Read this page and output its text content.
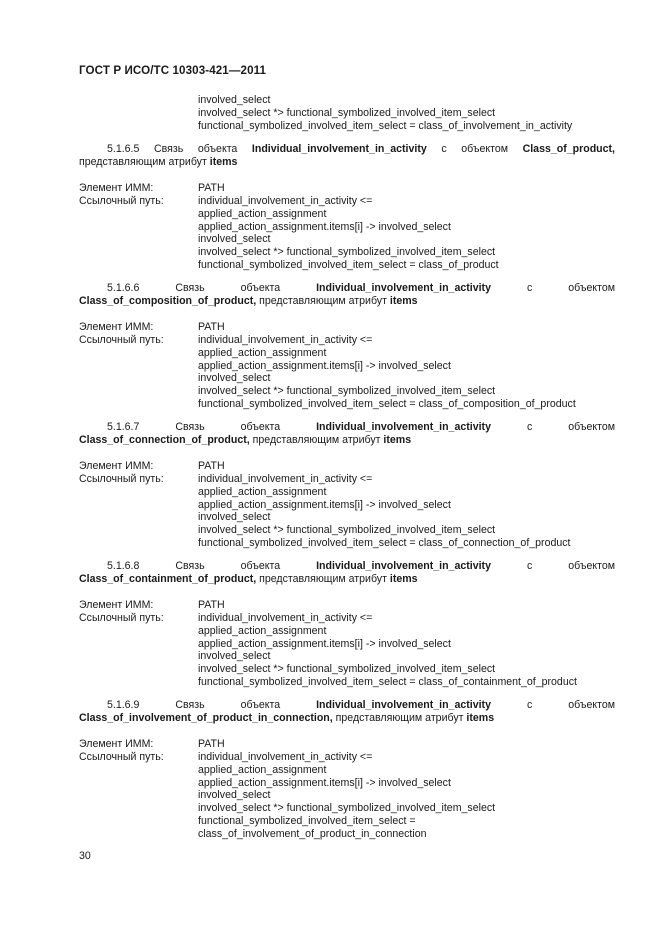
ГОСТ Р ИСО/ТС 10303-421—2011
involved_select
involved_select *> functional_symbolized_involved_item_select
functional_symbolized_involved_item_select = class_of_involvement_in_activity
5.1.6.5 Связь объекта Individual_involvement_in_activity с объектом Class_of_product, представляющим атрибут items
Элемент ИММ:
Ссылочный путь:
PATH
individual_involvement_in_activity <=
applied_action_assignment
applied_action_assignment.items[i] -> involved_select
involved_select
involved_select *> functional_symbolized_involved_item_select
functional_symbolized_involved_item_select = class_of_product
5.1.6.6 Связь объекта Individual_involvement_in_activity с объектом Class_of_composition_of_product, представляющим атрибут items
Элемент ИММ:
Ссылочный путь:
PATH
individual_involvement_in_activity <=
applied_action_assignment
applied_action_assignment.items[i] -> involved_select
involved_select
involved_select *> functional_symbolized_involved_item_select
functional_symbolized_involved_item_select = class_of_composition_of_product
5.1.6.7 Связь объекта Individual_involvement_in_activity с объектом Class_of_connection_of_product, представляющим атрибут items
Элемент ИММ:
Ссылочный путь:
PATH
individual_involvement_in_activity <=
applied_action_assignment
applied_action_assignment.items[i] -> involved_select
involved_select
involved_select *> functional_symbolized_involved_item_select
functional_symbolized_involved_item_select = class_of_connection_of_product
5.1.6.8 Связь объекта Individual_involvement_in_activity с объектом Class_of_containment_of_product, представляющим атрибут items
Элемент ИММ:
Ссылочный путь:
PATH
individual_involvement_in_activity <=
applied_action_assignment
applied_action_assignment.items[i] -> involved_select
involved_select
involved_select *> functional_symbolized_involved_item_select
functional_symbolized_involved_item_select = class_of_containment_of_product
5.1.6.9 Связь объекта Individual_involvement_in_activity с объектом Class_of_involvement_of_product_in_connection, представляющим атрибут items
Элемент ИММ:
Ссылочный путь:
PATH
individual_involvement_in_activity <=
applied_action_assignment
applied_action_assignment.items[i] -> involved_select
involved_select
involved_select *> functional_symbolized_involved_item_select
functional_symbolized_involved_item_select =
class_of_involvement_of_product_in_connection
30
